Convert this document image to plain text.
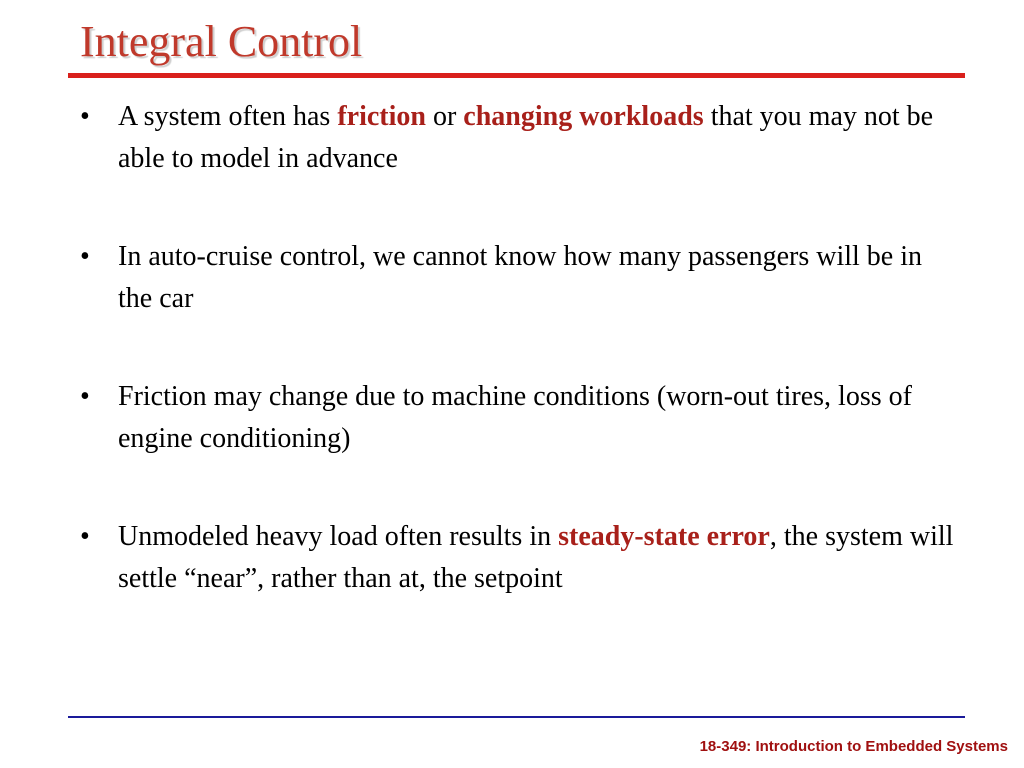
Integral Control
•	A system often has friction or changing workloads that you may not be able to model in advance
•	In auto-cruise control, we cannot know how many passengers will be in the car
•	Friction may change due to machine conditions (worn-out tires, loss of engine conditioning)
•	Unmodeled heavy load often results in steady-state error, the system will settle “near”, rather than at, the setpoint
18-349: Introduction to Embedded Systems
